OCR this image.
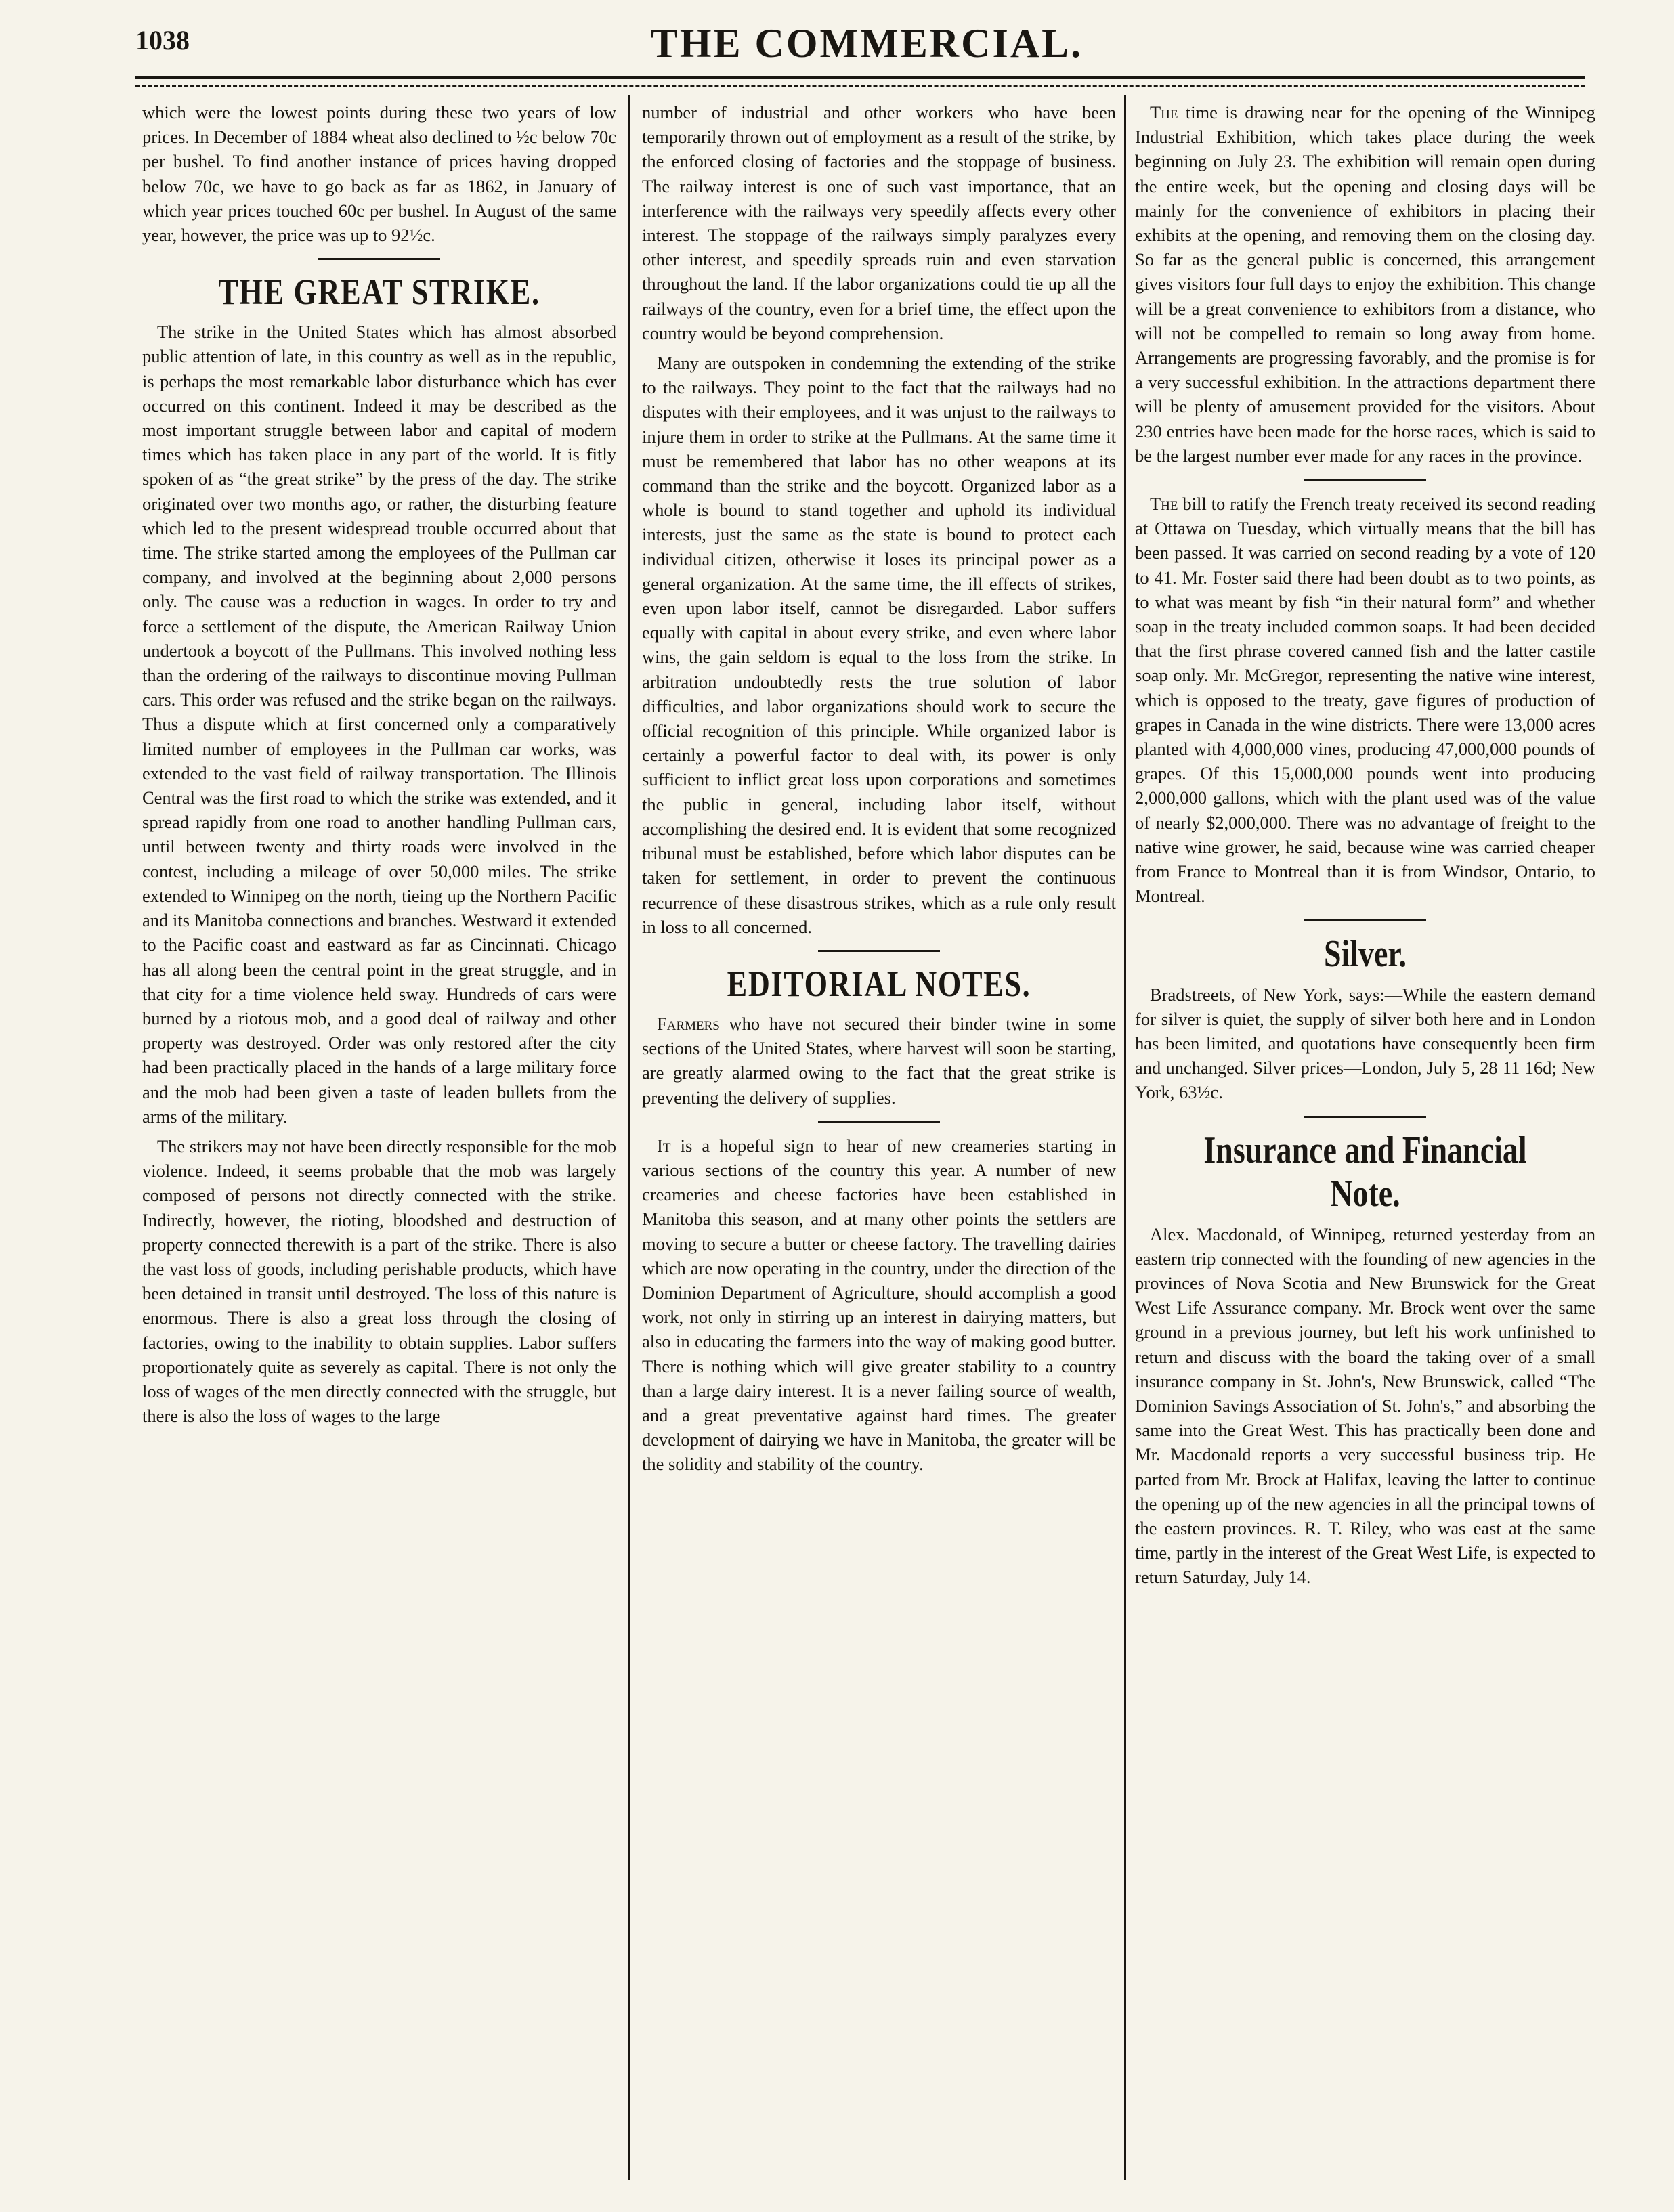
1038	THE COMMERCIAL.

which were the lowest points during these two years of low prices. In December of 1884 wheat also declined to ½c below 70c per bushel. To find another instance of prices having dropped below 70c, we have to go back as far as 1862, in January of which year prices touched 60c per bushel. In August of the same year, however, the price was up to 92½c.

THE GREAT STRIKE.

The strike in the United States which has almost absorbed public attention of late, in this country as well as in the republic, is perhaps the most remarkable labor disturbance which has ever occurred on this continent. Indeed it may be described as the most important struggle between labor and capital of modern times which has taken place in any part of the world. It is fitly spoken of as “the great strike” by the press of the day. The strike originated over two months ago, or rather, the disturbing feature which led to the present widespread trouble occurred about that time. The strike started among the employees of the Pullman car company, and involved at the beginning about 2,000 persons only. The cause was a reduction in wages. In order to try and force a settlement of the dispute, the American Railway Union undertook a boycott of the Pullmans. This involved nothing less than the ordering of the railways to discontinue moving Pullman cars. This order was refused and the strike began on the railways. Thus a dispute which at first concerned only a comparatively limited number of employees in the Pullman car works, was extended to the vast field of railway transportation. The Illinois Central was the first road to which the strike was extended, and it spread rapidly from one road to another handling Pullman cars, until between twenty and thirty roads were involved in the contest, including a mileage of over 50,000 miles. The strike extended to Winnipeg on the north, tieing up the Northern Pacific and its Manitoba connections and branches. Westward it extended to the Pacific coast and eastward as far as Cincinnati. Chicago has all along been the central point in the great struggle, and in that city for a time violence held sway. Hundreds of cars were burned by a riotous mob, and a good deal of railway and other property was destroyed. Order was only restored after the city had been practically placed in the hands of a large military force and the mob had been given a taste of leaden bullets from the arms of the military.

The strikers may not have been directly responsible for the mob violence. Indeed, it seems probable that the mob was largely composed of persons not directly connected with the strike. Indirectly, however, the rioting, bloodshed and destruction of property connected therewith is a part of the strike. There is also the vast loss of goods, including perishable products, which have been detained in transit until destroyed. The loss of this nature is enormous. There is also a great loss through the closing of factories, owing to the inability to obtain supplies. Labor suffers proportionately quite as severely as capital. There is not only the loss of wages of the men directly connected with the struggle, but there is also the loss of wages to the large

number of industrial and other workers who have been temporarily thrown out of employment as a result of the strike, by the enforced closing of factories and the stoppage of business. The railway interest is one of such vast importance, that an interference with the railways very speedily affects every other interest. The stoppage of the railways simply paralyzes every other interest, and speedily spreads ruin and even starvation throughout the land. If the labor organizations could tie up all the railways of the country, even for a brief time, the effect upon the country would be beyond comprehension.

Many are outspoken in condemning the extending of the strike to the railways. They point to the fact that the railways had no disputes with their employees, and it was unjust to the railways to injure them in order to strike at the Pullmans. At the same time it must be remembered that labor has no other weapons at its command than the strike and the boycott. Organized labor as a whole is bound to stand together and uphold its individual interests, just the same as the state is bound to protect each individual citizen, otherwise it loses its principal power as a general organization. At the same time, the ill effects of strikes, even upon labor itself, cannot be disregarded. Labor suffers equally with capital in about every strike, and even where labor wins, the gain seldom is equal to the loss from the strike. In arbitration undoubtedly rests the true solution of labor difficulties, and labor organizations should work to secure the official recognition of this principle. While organized labor is certainly a powerful factor to deal with, its power is only sufficient to inflict great loss upon corporations and sometimes the public in general, including labor itself, without accomplishing the desired end. It is evident that some recognized tribunal must be established, before which labor disputes can be taken for settlement, in order to prevent the continuous recurrence of these disastrous strikes, which as a rule only result in loss to all concerned.

EDITORIAL NOTES.

Farmers who have not secured their binder twine in some sections of the United States, where harvest will soon be starting, are greatly alarmed owing to the fact that the great strike is preventing the delivery of supplies.

It is a hopeful sign to hear of new creameries starting in various sections of the country this year. A number of new creameries and cheese factories have been established in Manitoba this season, and at many other points the settlers are moving to secure a butter or cheese factory. The travelling dairies which are now operating in the country, under the direction of the Dominion Department of Agriculture, should accomplish a good work, not only in stirring up an interest in dairying matters, but also in educating the farmers into the way of making good butter. There is nothing which will give greater stability to a country than a large dairy interest. It is a never failing source of wealth, and a great preventative against hard times. The greater development of dairying we have in Manitoba, the greater will be the solidity and stability of the country.

The time is drawing near for the opening of the Winnipeg Industrial Exhibition, which takes place during the week beginning on July 23. The exhibition will remain open during the entire week, but the opening and closing days will be mainly for the convenience of exhibitors in placing their exhibits at the opening, and removing them on the closing day. So far as the general public is concerned, this arrangement gives visitors four full days to enjoy the exhibition. This change will be a great convenience to exhibitors from a distance, who will not be compelled to remain so long away from home. Arrangements are progressing favorably, and the promise is for a very successful exhibition. In the attractions department there will be plenty of amusement provided for the visitors. About 230 entries have been made for the horse races, which is said to be the largest number ever made for any races in the province.

The bill to ratify the French treaty received its second reading at Ottawa on Tuesday, which virtually means that the bill has been passed. It was carried on second reading by a vote of 120 to 41. Mr. Foster said there had been doubt as to two points, as to what was meant by fish “in their natural form” and whether soap in the treaty included common soaps. It had been decided that the first phrase covered canned fish and the latter castile soap only. Mr. McGregor, representing the native wine interest, which is opposed to the treaty, gave figures of production of grapes in Canada in the wine districts. There were 13,000 acres planted with 4,000,000 vines, producing 47,000,000 pounds of grapes. Of this 15,000,000 pounds went into producing 2,000,000 gallons, which with the plant used was of the value of nearly $2,000,000. There was no advantage of freight to the native wine grower, he said, because wine was carried cheaper from France to Montreal than it is from Windsor, Ontario, to Montreal.

Silver.

Bradstreets, of New York, says:—While the eastern demand for silver is quiet, the supply of silver both here and in London has been limited, and quotations have consequently been firm and unchanged. Silver prices—London, July 5, 28 11 16d; New York, 63½c.

Insurance and Financial Note.

Alex. Macdonald, of Winnipeg, returned yesterday from an eastern trip connected with the founding of new agencies in the provinces of Nova Scotia and New Brunswick for the Great West Life Assurance company. Mr. Brock went over the same ground in a previous journey, but left his work unfinished to return and discuss with the board the taking over of a small insurance company in St. John's, New Brunswick, called “The Dominion Savings Association of St. John's,” and absorbing the same into the Great West. This has practically been done and Mr. Macdonald reports a very successful business trip. He parted from Mr. Brock at Halifax, leaving the latter to continue the opening up of the new agencies in all the principal towns of the eastern provinces. R. T. Riley, who was east at the same time, partly in the interest of the Great West Life, is expected to return Saturday, July 14.
